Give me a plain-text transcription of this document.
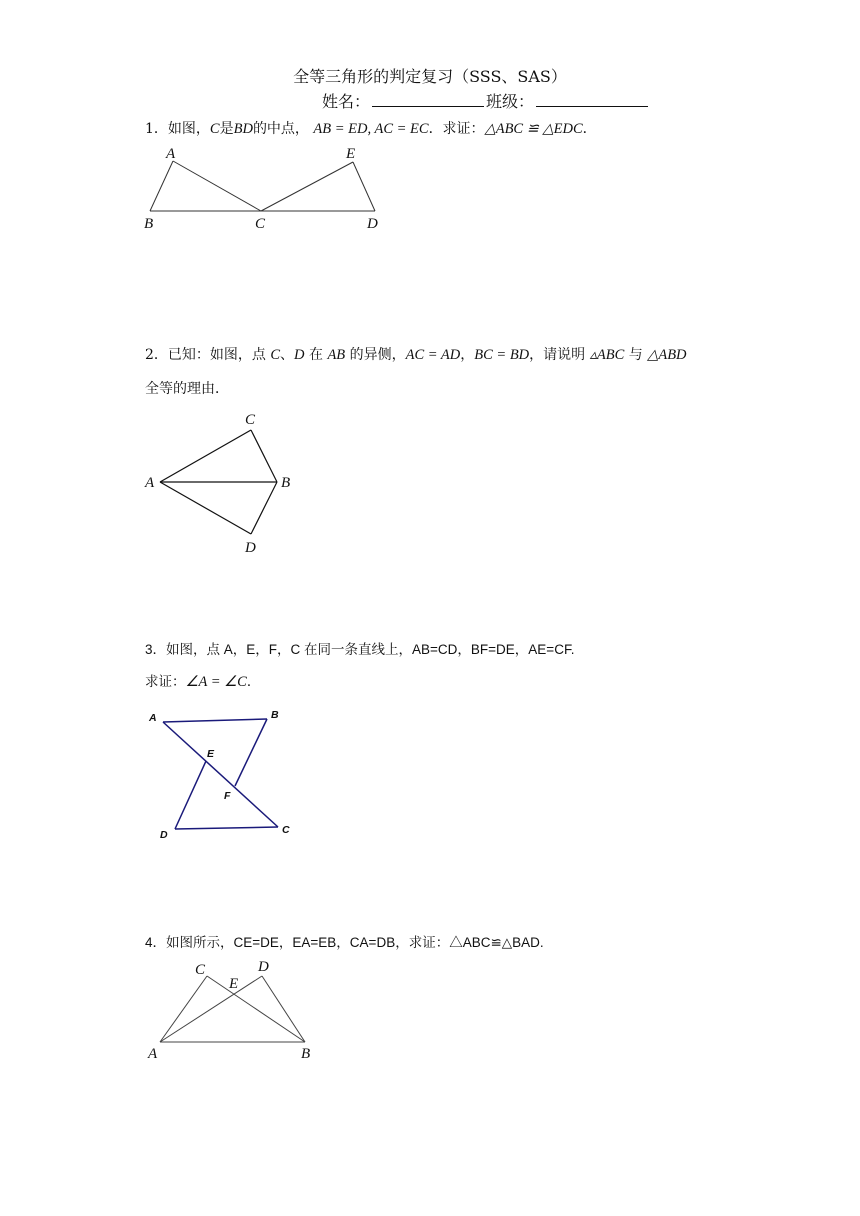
全等三角形的判定复习（SSS、SAS）
姓名：	班级：
1．如图，C是BD的中点， AB = ED, AC = EC．求证：△ABC ≌ △EDC．
A	E
B	C	D
2．已知：如图，点 C、D 在 AB 的异侧，AC = AD，BC = BD，请说明 ▵ABC 与 △ABD
全等的理由．
C
A	B
D
3．如图，点 A，E，F，C 在同一条直线上，AB=CD，BF=DE，AE=CF.
求证：∠A = ∠C．
A	B
E
F
D	C
4．如图所示，CE=DE，EA=EB，CA=DB，求证：△ABC≌△BAD.
C
E
D
A	B
